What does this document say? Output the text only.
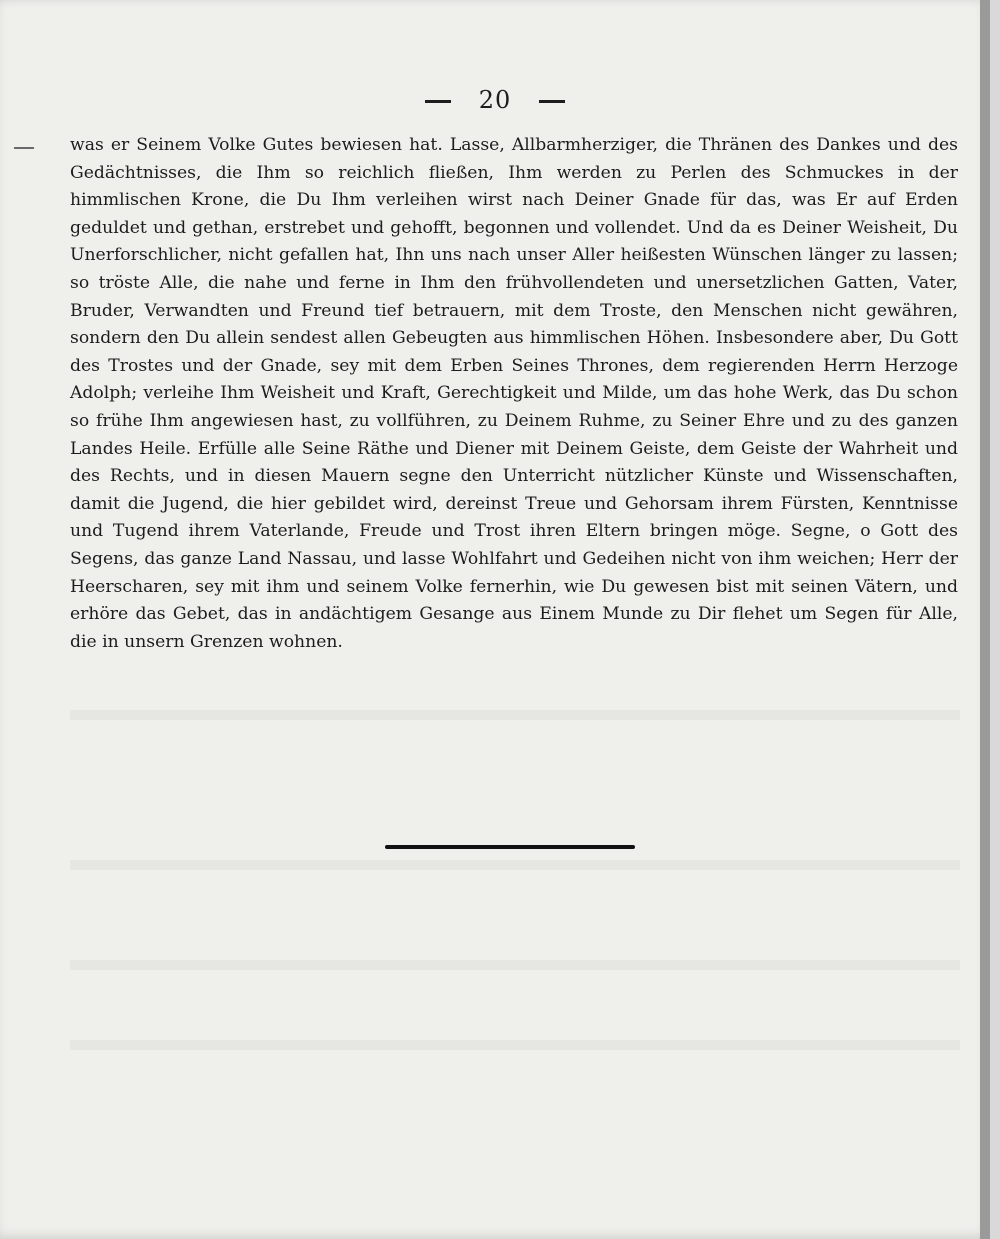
20
was er Seinem Volke Gutes bewiesen hat. Lasse, Allbarmherziger, die Thränen des Dankes und des Gedächtnisses, die Ihm so reichlich fließen, Ihm werden zu Perlen des Schmuckes in der himmlischen Krone, die Du Ihm verleihen wirst nach Deiner Gnade für das, was Er auf Erden geduldet und gethan, erstrebet und gehofft, begonnen und vollendet. Und da es Deiner Weisheit, Du Unerforschlicher, nicht gefallen hat, Ihn uns nach unser Aller heißesten Wünschen länger zu lassen; so tröste Alle, die nahe und ferne in Ihm den frühvollendeten und unersetzlichen Gatten, Vater, Bruder, Verwandten und Freund tief betrauern, mit dem Troste, den Menschen nicht gewähren, sondern den Du allein sendest allen Gebeugten aus himmlischen Höhen. Insbesondere aber, Du Gott des Trostes und der Gnade, sey mit dem Erben Seines Thrones, dem regierenden Herrn Herzoge Adolph; verleihe Ihm Weisheit und Kraft, Gerechtigkeit und Milde, um das hohe Werk, das Du schon so frühe Ihm angewiesen hast, zu vollführen, zu Deinem Ruhme, zu Seiner Ehre und zu des ganzen Landes Heile. Erfülle alle Seine Räthe und Diener mit Deinem Geiste, dem Geiste der Wahrheit und des Rechts, und in diesen Mauern segne den Unterricht nützlicher Künste und Wissenschaften, damit die Jugend, die hier gebildet wird, dereinst Treue und Gehorsam ihrem Fürsten, Kenntnisse und Tugend ihrem Vaterlande, Freude und Trost ihren Eltern bringen möge. Segne, o Gott des Segens, das ganze Land Nassau, und lasse Wohlfahrt und Gedeihen nicht von ihm weichen; Herr der Heerscharen, sey mit ihm und seinem Volke fernerhin, wie Du gewesen bist mit seinen Vätern, und erhöre das Gebet, das in andächtigem Gesange aus Einem Munde zu Dir flehet um Segen für Alle, die in unsern Grenzen wohnen.
